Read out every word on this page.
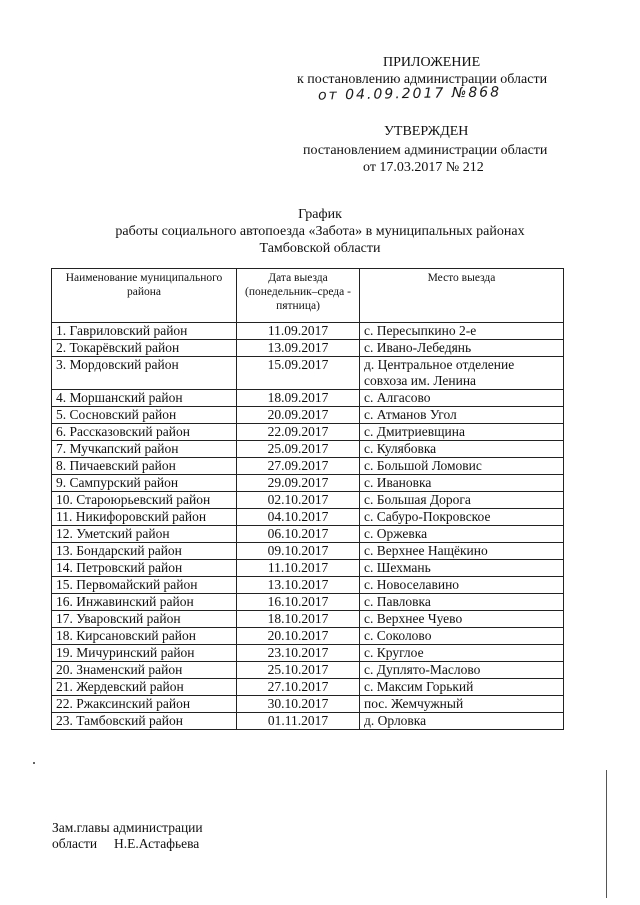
ПРИЛОЖЕНИЕ
к постановлению администрации области
от 04.09.2017 №868
УТВЕРЖДЕН
постановлением администрации области
от 17.03.2017 № 212
График
работы социального автопоезда «Забота» в муниципальных районах
Тамбовской области
Наименование муниципального района	Дата выезда (понедельник–среда - пятница)	Место выезда
1. Гавриловский район	11.09.2017	с. Пересыпкино 2-е
2. Токарёвский район	13.09.2017	с. Ивано-Лебедянь
3. Мордовский район	15.09.2017	д. Центральное отделение совхоза им. Ленина
4. Моршанский район	18.09.2017	с. Алгасово
5. Сосновский район	20.09.2017	с. Атманов Угол
6. Рассказовский район	22.09.2017	с. Дмитриевщина
7. Мучкапский район	25.09.2017	с. Кулябовка
8. Пичаевский район	27.09.2017	с. Большой Ломовис
9. Сампурский район	29.09.2017	с. Ивановка
10. Староюрьевский район	02.10.2017	с. Большая Дорога
11. Никифоровский район	04.10.2017	с. Сабуро-Покровское
12. Уметский район	06.10.2017	с. Оржевка
13. Бондарский район	09.10.2017	с. Верхнее Нащёкино
14. Петровский район	11.10.2017	с. Шехмань
15. Первомайский район	13.10.2017	с. Новоселавино
16. Инжавинский район	16.10.2017	с. Павловка
17. Уваровский район	18.10.2017	с. Верхнее Чуево
18. Кирсановский район	20.10.2017	с. Соколово
19. Мичуринский район	23.10.2017	с. Круглое
20. Знаменский район	25.10.2017	с. Дуплято-Маслово
21. Жердевский район	27.10.2017	с. Максим Горький
22. Ржаксинский район	30.10.2017	пос. Жемчужный
23. Тамбовский район	01.11.2017	д. Орловка
Зам.главы администрации
области     Н.Е.Астафьева
